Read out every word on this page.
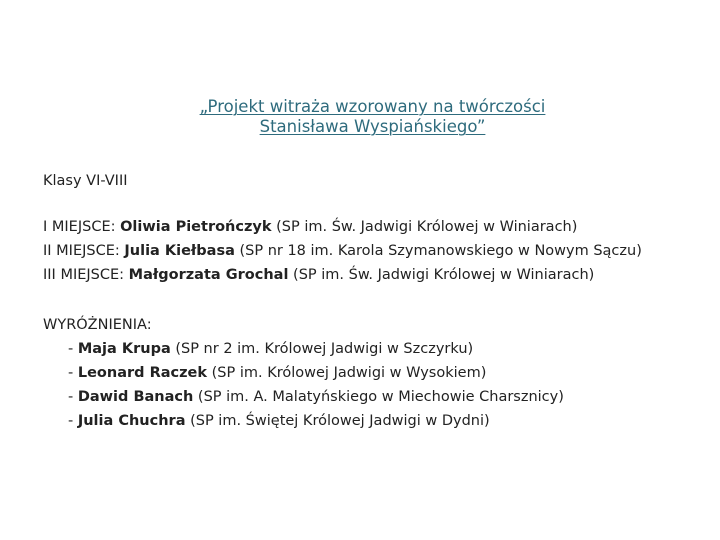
„Projekt witraża wzorowany na twórczości
Stanisława Wyspiańskiego”
Klasy VI-VIII
I MIEJSCE: Oliwia Pietrończyk (SP im. Św. Jadwigi Królowej w Winiarach)
II MIEJSCE: Julia Kiełbasa (SP nr 18 im. Karola Szymanowskiego w Nowym Sączu)
III MIEJSCE: Małgorzata Grochal (SP im. Św. Jadwigi Królowej w Winiarach)
WYRÓŻNIENIA:
- Maja Krupa (SP nr 2 im. Królowej Jadwigi w Szczyrku)
- Leonard Raczek (SP im. Królowej Jadwigi w Wysokiem)
- Dawid Banach (SP im. A. Malatyńskiego w Miechowie Charsznicy)
- Julia Chuchra (SP im. Świętej Królowej Jadwigi w Dydni)
